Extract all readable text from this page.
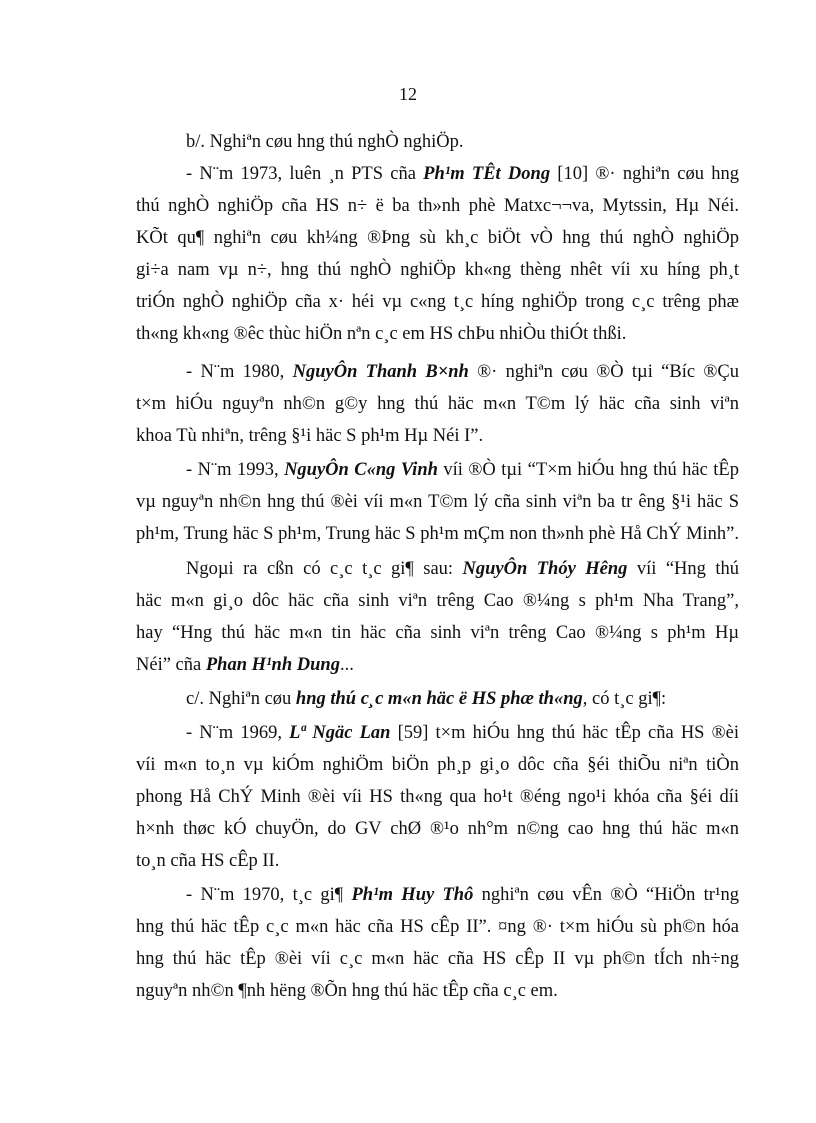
12
b/. Nghiªn cøu hng thú nghÒ nghiÖp.
- N¨m 1973, luên ¸n PTS cña Ph¹m TÊt Dong [10] ®· nghiªn cøu hng
thú nghÒ nghiÖp cña HS n÷ ë ba th»nh phè Matxc¬¬va, Mytssin, Hµ Néi.
KÕt qu¶ nghiªn cøu kh¼ng ®Þng sù kh¸c biÖt vÒ hng thú nghÒ nghiÖp
gi÷a nam vµ n÷, hng thú nghÒ nghiÖp kh«ng thèng nhêt víi xu híng ph¸t
triÓn nghÒ nghiÖp cña x· héi vµ c«ng t¸c híng nghiÖp trong c¸c trêng phæ
th«ng kh«ng ®êc thùc hiÖn nªn c¸c em HS chÞu nhiÒu thiÓt thßi.
- N¨m 1980, NguyÔn Thanh B×nh ®· nghiªn cøu ®Ò tµi “Bíc ®Çu
t×m hiÓu nguyªn nh©n g©y hng thú häc m«n T©m lý häc cña sinh viªn
khoa Tù nhiªn, trêng §¹i häc S ph¹m Hµ Néi I”.
- N¨m 1993, NguyÔn C«ng Vinh víi ®Ò tµi “T×m hiÓu hng thú häc tÊp
vµ nguyªn nh©n hng thú ®èi víi m«n T©m lý cña sinh viªn ba tr êng §¹i häc S
ph¹m, Trung häc S ph¹m, Trung häc S ph¹m mÇm non th»nh phè Hå ChÝ Minh”.
Ngoµi ra cßn có c¸c t¸c gi¶ sau: NguyÔn Thóy Hêng víi “Hng thú
häc m«n gi¸o dôc häc cña sinh viªn trêng Cao ®¼ng s ph¹m Nha Trang”,
hay “Hng thú häc m«n tin häc cña sinh viªn trêng Cao ®¼ng s ph¹m Hµ
Néi” cña Phan H¹nh Dung...
c/. Nghiªn cøu hng thú c¸c m«n häc ë HS phæ th«ng, có t¸c gi¶:
- N¨m 1969, Lª Ngäc Lan [59] t×m hiÓu hng thú häc tÊp cña HS ®èi
víi m«n to¸n vµ kiÓm nghiÖm biÖn ph¸p gi¸o dôc cña §éi thiÕu niªn tiÒn
phong Hå ChÝ Minh ®èi víi HS th«ng qua ho¹t ®éng ngo¹i khóa cña §éi díi
h×nh thøc kÓ chuyÖn, do GV chØ ®¹o nh°m n©ng cao hng thú häc m«n
to¸n cña HS cÊp II.
- N¨m 1970, t¸c gi¶ Ph¹m Huy Thô nghiªn cøu vÊn ®Ò “HiÖn tr¹ng
hng thú häc tÊp c¸c m«n häc cña HS cÊp II”. ¤ng ®· t×m hiÓu sù ph©n hóa
hng thú häc tÊp ®èi víi c¸c m«n häc cña HS cÊp II vµ ph©n tÍch nh÷ng
nguyªn nh©n ¶nh hëng ®Õn hng thú häc tÊp cña c¸c em.
